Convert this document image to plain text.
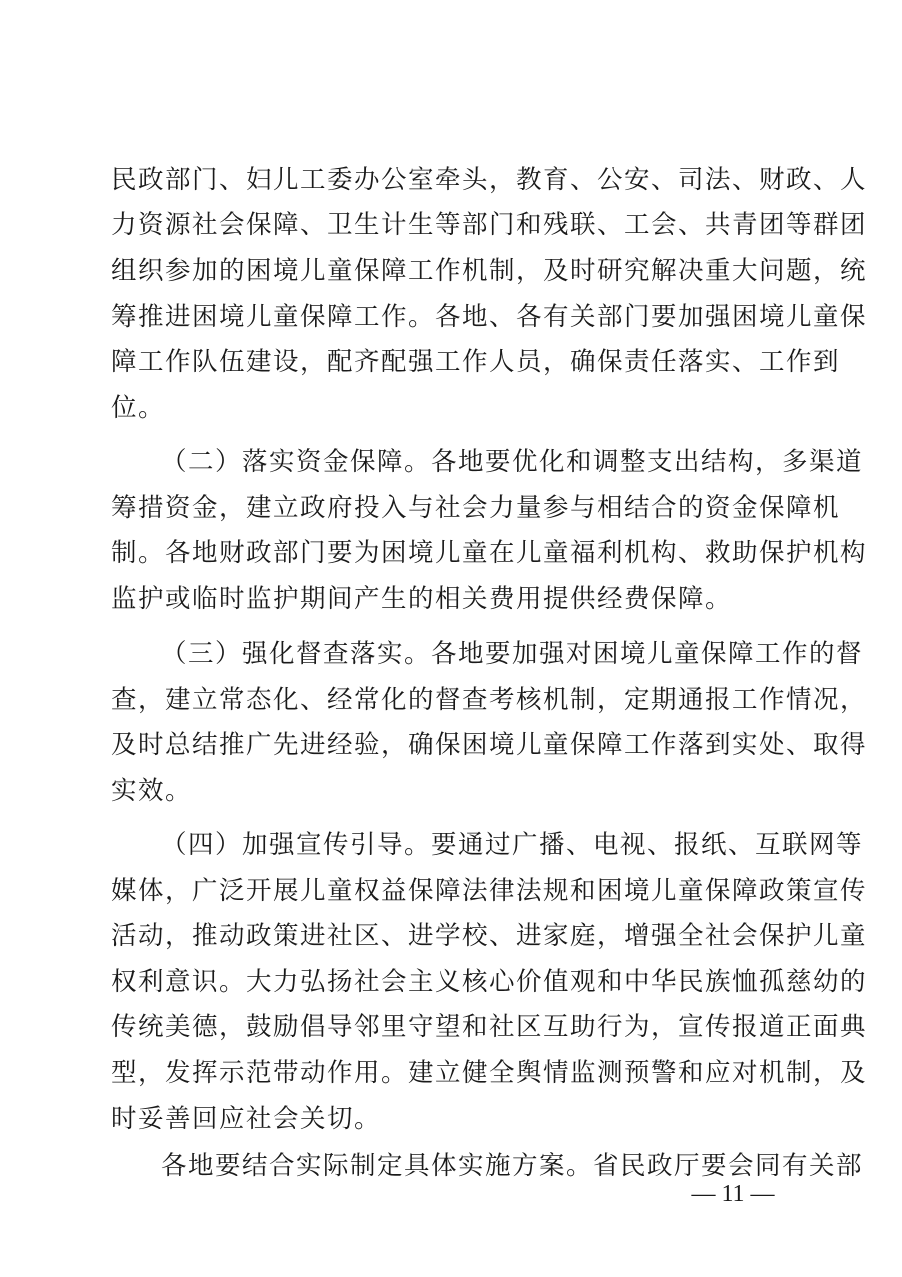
民政部门、妇儿工委办公室牵头，教育、公安、司法、财政、人
力资源社会保障、卫生计生等部门和残联、工会、共青团等群团
组织参加的困境儿童保障工作机制，及时研究解决重大问题，统
筹推进困境儿童保障工作。各地、各有关部门要加强困境儿童保
障工作队伍建设，配齐配强工作人员，确保责任落实、工作到
位。
（二）落实资金保障。各地要优化和调整支出结构，多渠道
筹措资金，建立政府投入与社会力量参与相结合的资金保障机
制。各地财政部门要为困境儿童在儿童福利机构、救助保护机构
监护或临时监护期间产生的相关费用提供经费保障。
（三）强化督查落实。各地要加强对困境儿童保障工作的督
查，建立常态化、经常化的督查考核机制，定期通报工作情况，
及时总结推广先进经验，确保困境儿童保障工作落到实处、取得
实效。
（四）加强宣传引导。要通过广播、电视、报纸、互联网等
媒体，广泛开展儿童权益保障法律法规和困境儿童保障政策宣传
活动，推动政策进社区、进学校、进家庭，增强全社会保护儿童
权利意识。大力弘扬社会主义核心价值观和中华民族恤孤慈幼的
传统美德，鼓励倡导邻里守望和社区互助行为，宣传报道正面典
型，发挥示范带动作用。建立健全舆情监测预警和应对机制，及
时妥善回应社会关切。
各地要结合实际制定具体实施方案。省民政厅要会同有关部
— 11 —
